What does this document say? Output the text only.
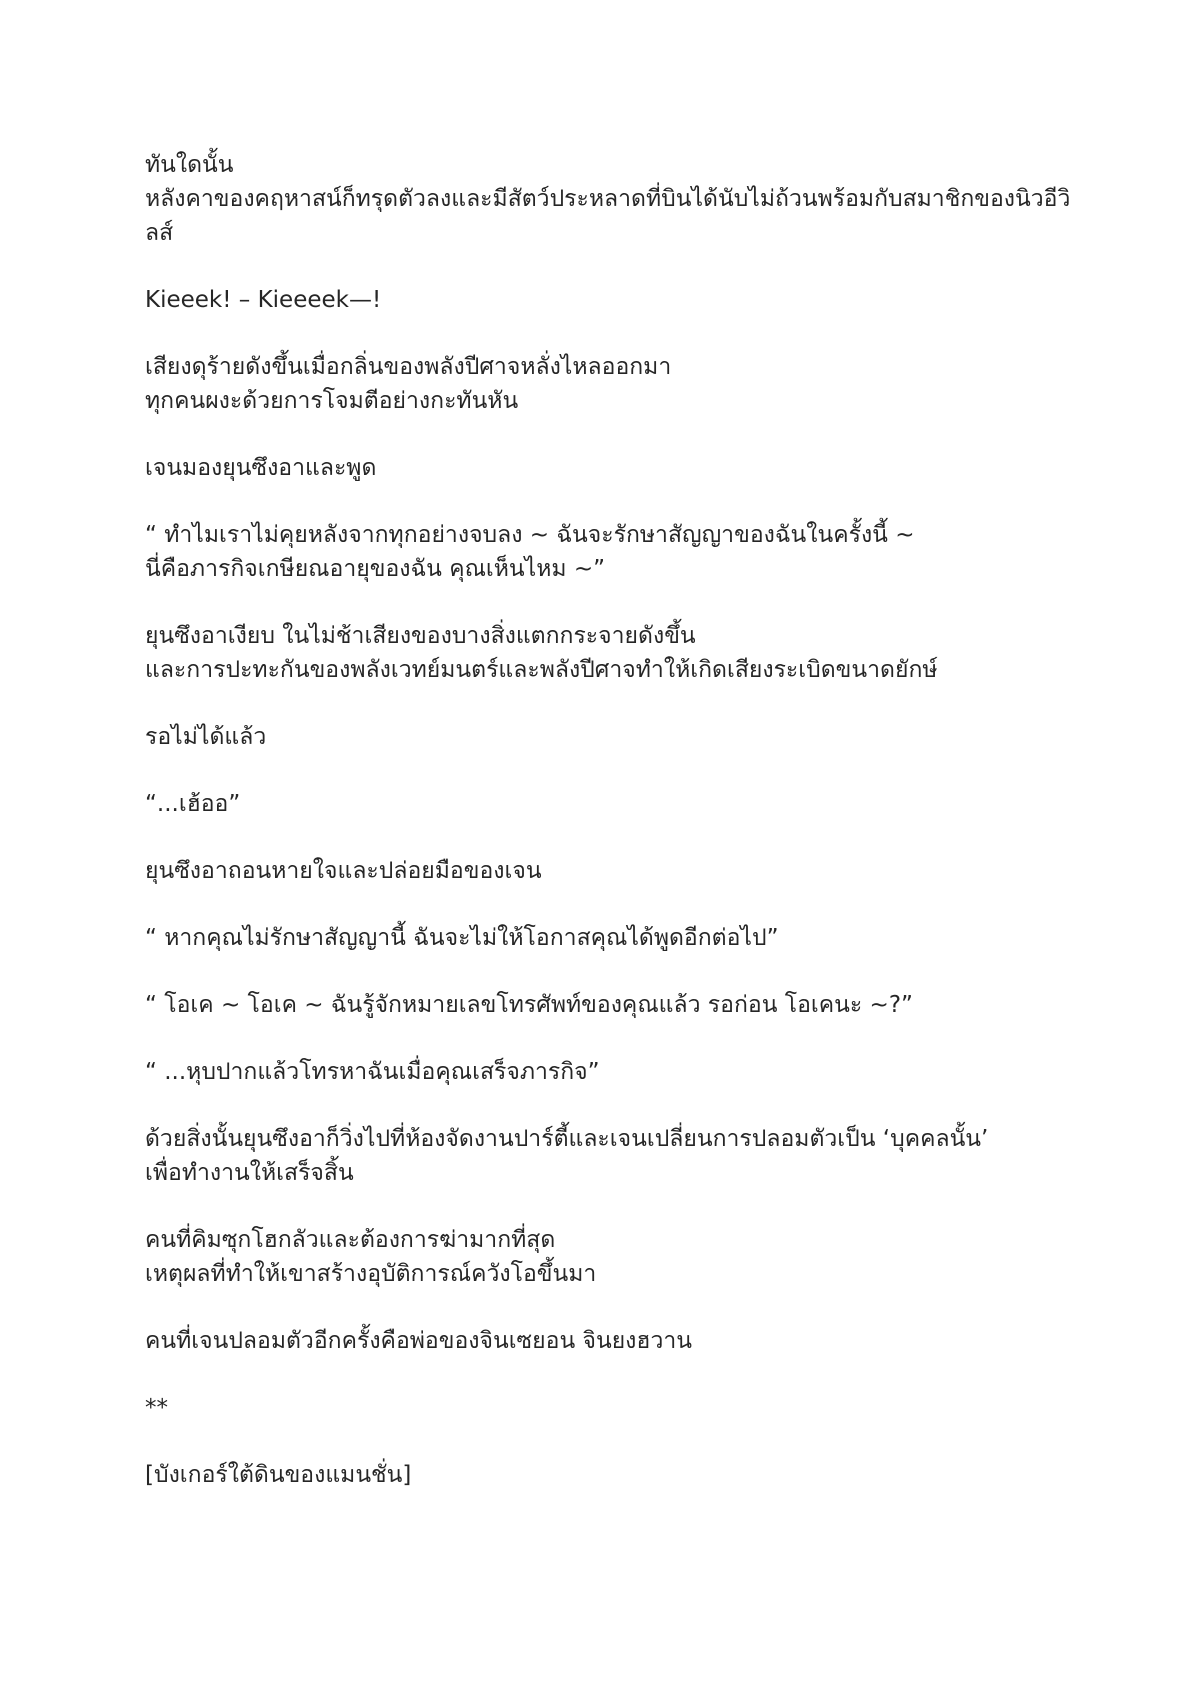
ทันใดนั้น
หลังคาของคฤหาสน์ก็ทรุดตัวลงและมีสัตว์ประหลาดที่บินได้นับไม่ถ้วนพร้อมกับสมาชิกของนิวอีวิลส์

Kieeek! – Kieeeek—!

เสียงดุร้ายดังขึ้นเมื่อกลิ่นของพลังปีศาจหลั่งไหลออกมา
ทุกคนผงะด้วยการโจมตีอย่างกะทันหัน

เจนมองยุนซึงอาและพูด

“ ทำไมเราไม่คุยหลังจากทุกอย่างจบลง ~ ฉันจะรักษาสัญญาของฉันในครั้งนี้ ~
นี่คือภารกิจเกษียณอายุของฉัน คุณเห็นไหม ~”

ยุนซึงอาเงียบ ในไม่ช้าเสียงของบางสิ่งแตกกระจายดังขึ้น
และการปะทะกันของพลังเวทย์มนตร์และพลังปีศาจทำให้เกิดเสียงระเบิดขนาดยักษ์

รอไม่ได้แล้ว

“...เฮ้ออ”

ยุนซึงอาถอนหายใจและปล่อยมือของเจน

“ หากคุณไม่รักษาสัญญานี้ ฉันจะไม่ให้โอกาสคุณได้พูดอีกต่อไป”

“ โอเค ~ โอเค ~ ฉันรู้จักหมายเลขโทรศัพท์ของคุณแล้ว รอก่อน โอเคนะ ~?”

“ ...หุบปากแล้วโทรหาฉันเมื่อคุณเสร็จภารกิจ”

ด้วยสิ่งนั้นยุนซึงอาก็วิ่งไปที่ห้องจัดงานปาร์ตี้และเจนเปลี่ยนการปลอมตัวเป็น ‘บุคคลนั้น’
เพื่อทำงานให้เสร็จสิ้น

คนที่คิมซุกโฮกลัวและต้องการฆ่ามากที่สุด
เหตุผลที่ทำให้เขาสร้างอุบัติการณ์ควังโอขึ้นมา

คนที่เจนปลอมตัวอีกครั้งคือพ่อของจินเซยอน จินยงฮวาน

**

[บังเกอร์ใต้ดินของแมนชั่น]
